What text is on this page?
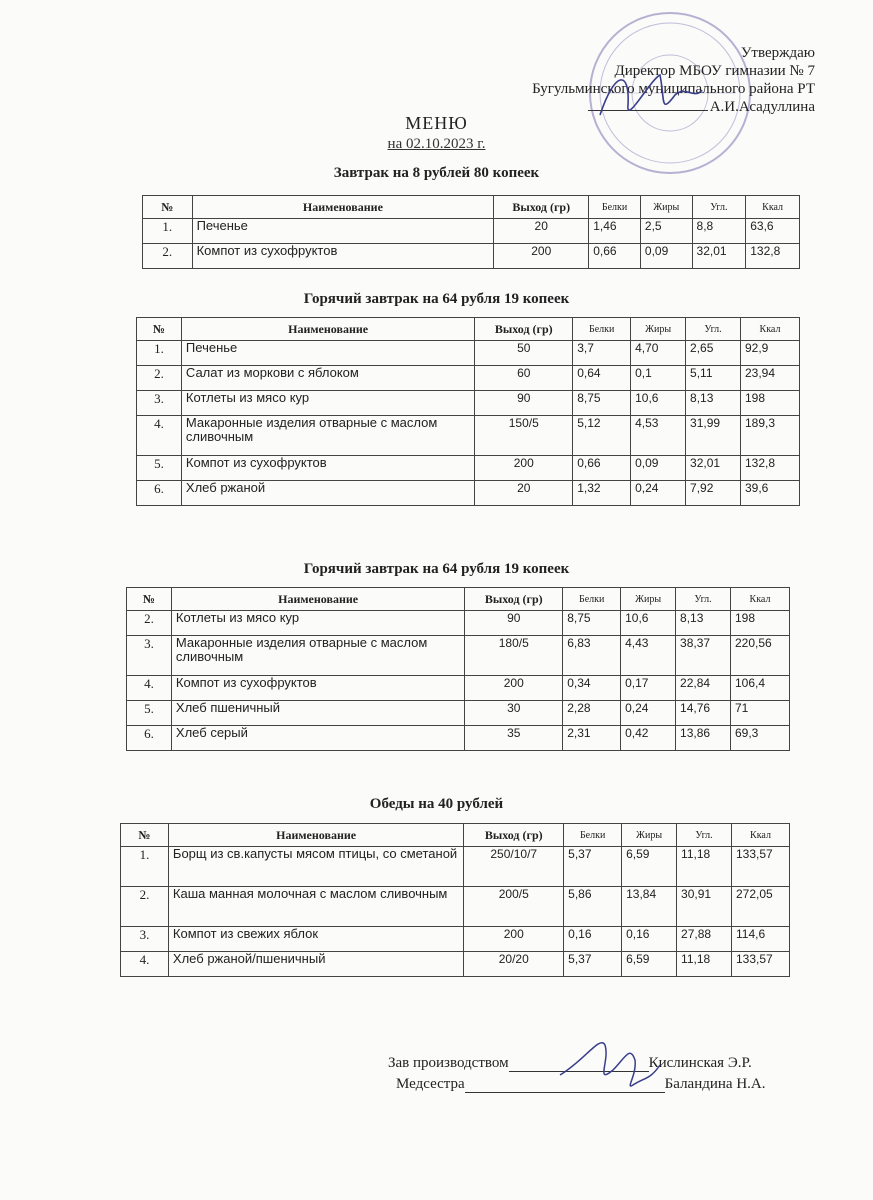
Утверждаю
Директор МБОУ гимназии № 7
Бугульминского муниципального района РТ
А.И.Асадуллина
МЕНЮ
на 02.10.2023 г.
Завтрак на 8 рублей 80 копеек
№	Наименование	Выход (гр)	Белки	Жиры	Угл.	Ккал
1.	Печенье	20	1,46	2,5	8,8	63,6
2.	Компот из сухофруктов	200	0,66	0,09	32,01	132,8
Горячий завтрак на 64 рубля 19 копеек
№	Наименование	Выход (гр)	Белки	Жиры	Угл.	Ккал
1.	Печенье	50	3,7	4,70	2,65	92,9
2.	Салат из моркови с яблоком	60	0,64	0,1	5,11	23,94
3.	Котлеты из мясо кур	90	8,75	10,6	8,13	198
4.	Макаронные изделия отварные с маслом сливочным	150/5	5,12	4,53	31,99	189,3
5.	Компот из сухофруктов	200	0,66	0,09	32,01	132,8
6.	Хлеб ржаной	20	1,32	0,24	7,92	39,6
Горячий завтрак на 64 рубля 19 копеек
№	Наименование	Выход (гр)	Белки	Жиры	Угл.	Ккал
2.	Котлеты из мясо кур	90	8,75	10,6	8,13	198
3.	Макаронные изделия отварные с маслом сливочным	180/5	6,83	4,43	38,37	220,56
4.	Компот из сухофруктов	200	0,34	0,17	22,84	106,4
5.	Хлеб пшеничный	30	2,28	0,24	14,76	71
6.	Хлеб серый	35	2,31	0,42	13,86	69,3
Обеды на 40 рублей
№	Наименование	Выход (гр)	Белки	Жиры	Угл.	Ккал
1.	Борщ из св.капусты мясом птицы, со сметаной	250/10/7	5,37	6,59	11,18	133,57
2.	Каша манная молочная с маслом сливочным	200/5	5,86	13,84	30,91	272,05
3.	Компот из свежих яблок	200	0,16	0,16	27,88	114,6
4.	Хлеб ржаной/пшеничный	20/20	5,37	6,59	11,18	133,57
Зав производством	Кислинская Э.Р.
Медсестра	Баландина Н.А.
